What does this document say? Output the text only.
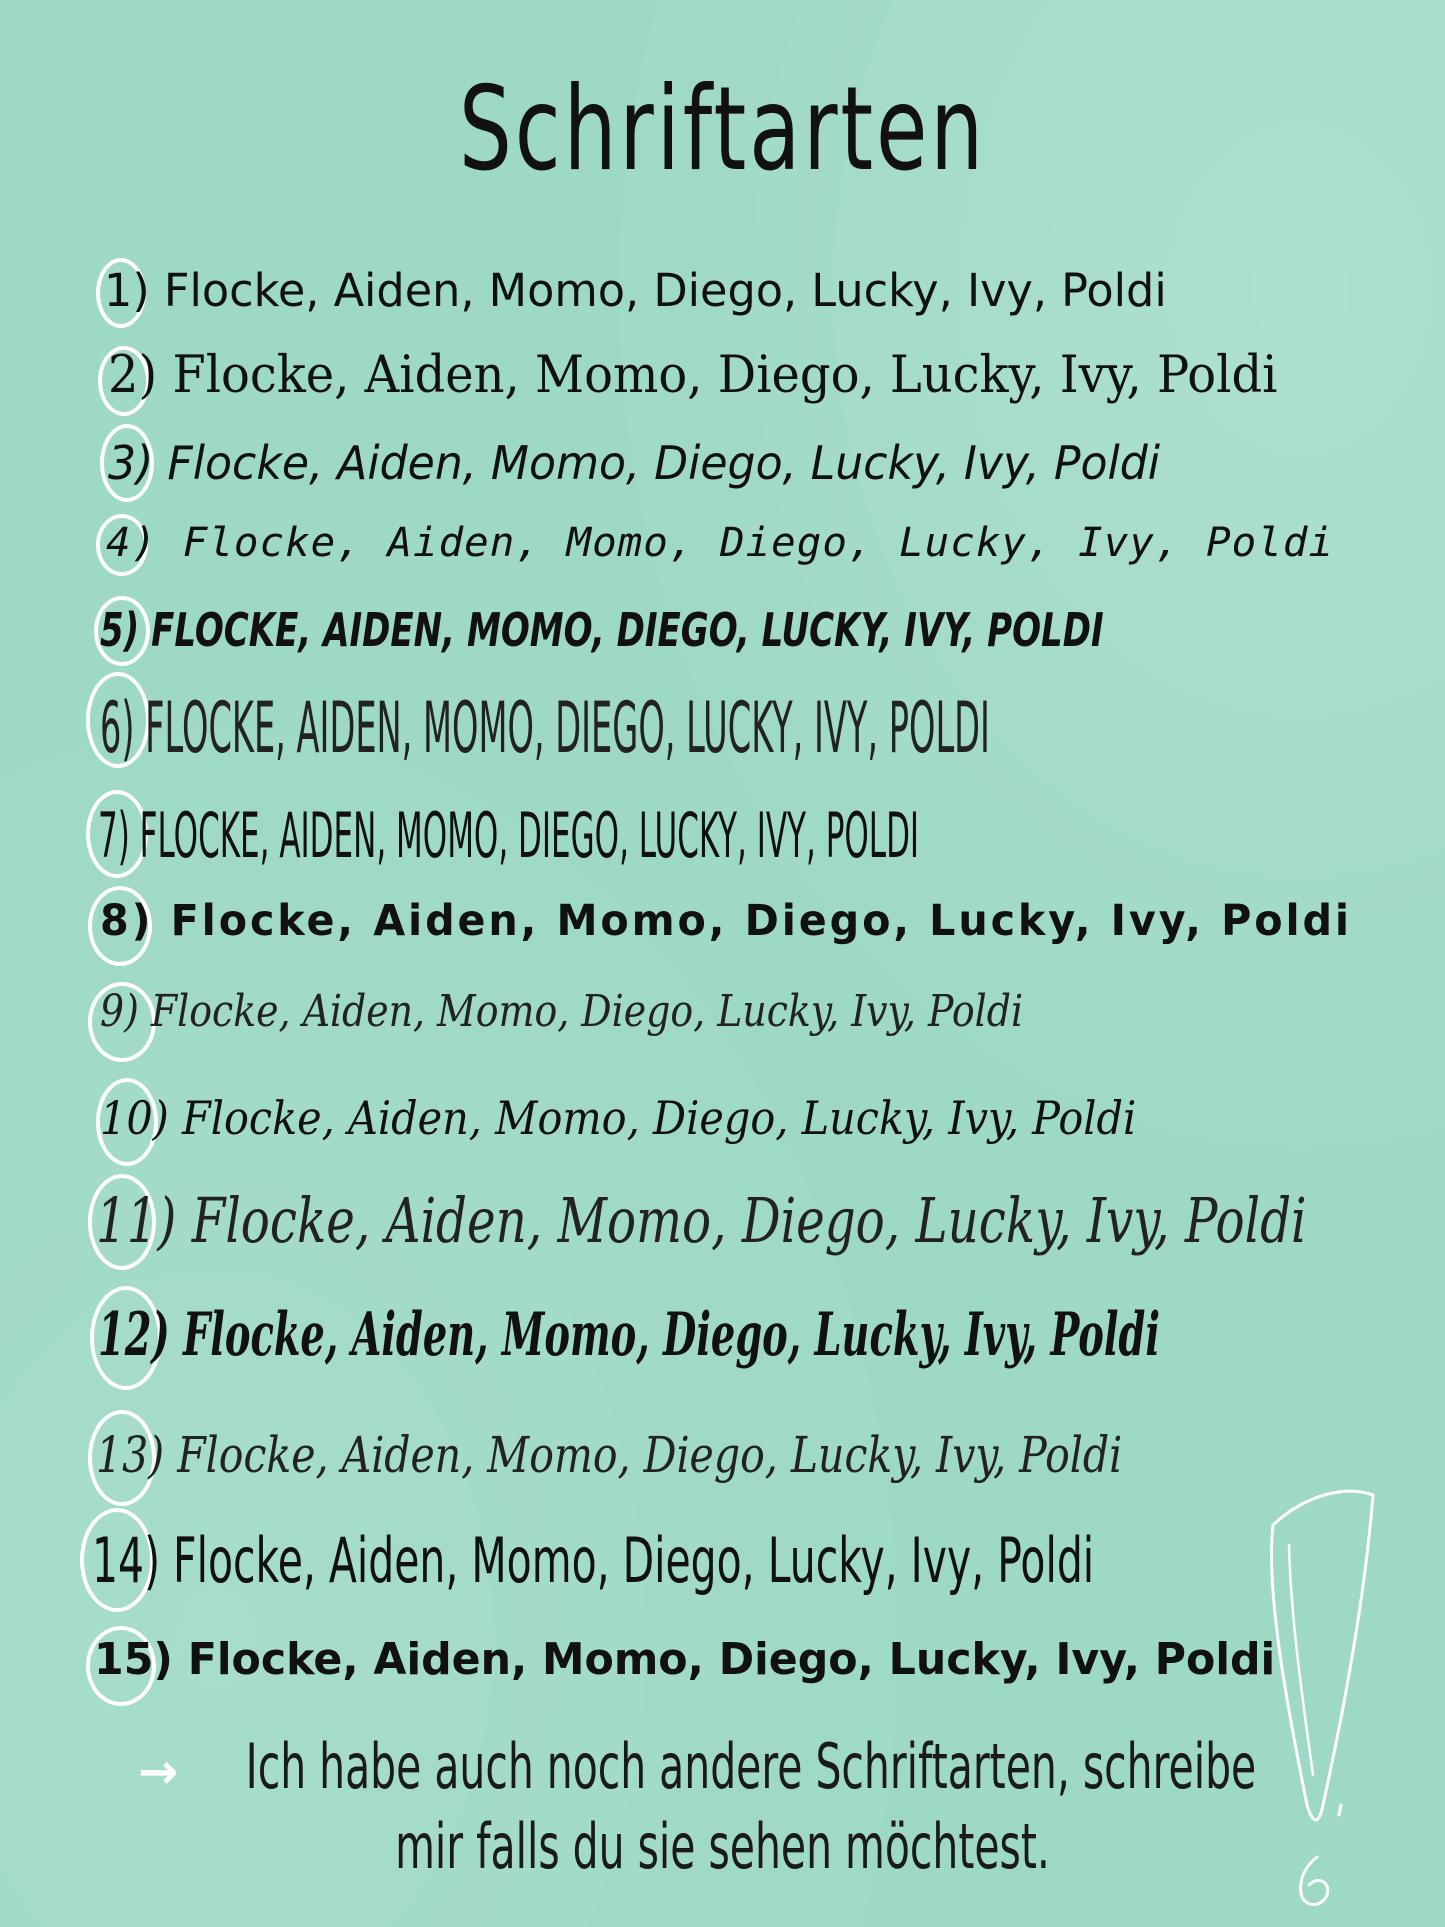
Schriftarten
1) Flocke, Aiden, Momo, Diego, Lucky, Ivy, Poldi
2) Flocke, Aiden, Momo, Diego, Lucky, Ivy, Poldi
3) Flocke, Aiden, Momo, Diego, Lucky, Ivy, Poldi
4) Flocke, Aiden, Momo, Diego, Lucky, Ivy, Poldi
5) FLOCKE, AIDEN, MOMO, DIEGO, LUCKY, IVY, POLDI
6) FLOCKE, AIDEN, MOMO, DIEGO, LUCKY, IVY, POLDI
7) FLOCKE, AIDEN, MOMO, DIEGO, LUCKY, IVY, POLDI
8) Flocke, Aiden, Momo, Diego, Lucky, Ivy, Poldi
9) Flocke, Aiden, Momo, Diego, Lucky, Ivy, Poldi
10) Flocke, Aiden, Momo, Diego, Lucky, Ivy, Poldi
11) Flocke, Aiden, Momo, Diego, Lucky, Ivy, Poldi
12) Flocke, Aiden, Momo, Diego, Lucky, Ivy, Poldi
13) Flocke, Aiden, Momo, Diego, Lucky, Ivy, Poldi
14) Flocke, Aiden, Momo, Diego, Lucky, Ivy, Poldi
15) Flocke, Aiden, Momo, Diego, Lucky, Ivy, Poldi
→ Ich habe auch noch andere Schriftarten, schreibe
mir falls du sie sehen möchtest.
